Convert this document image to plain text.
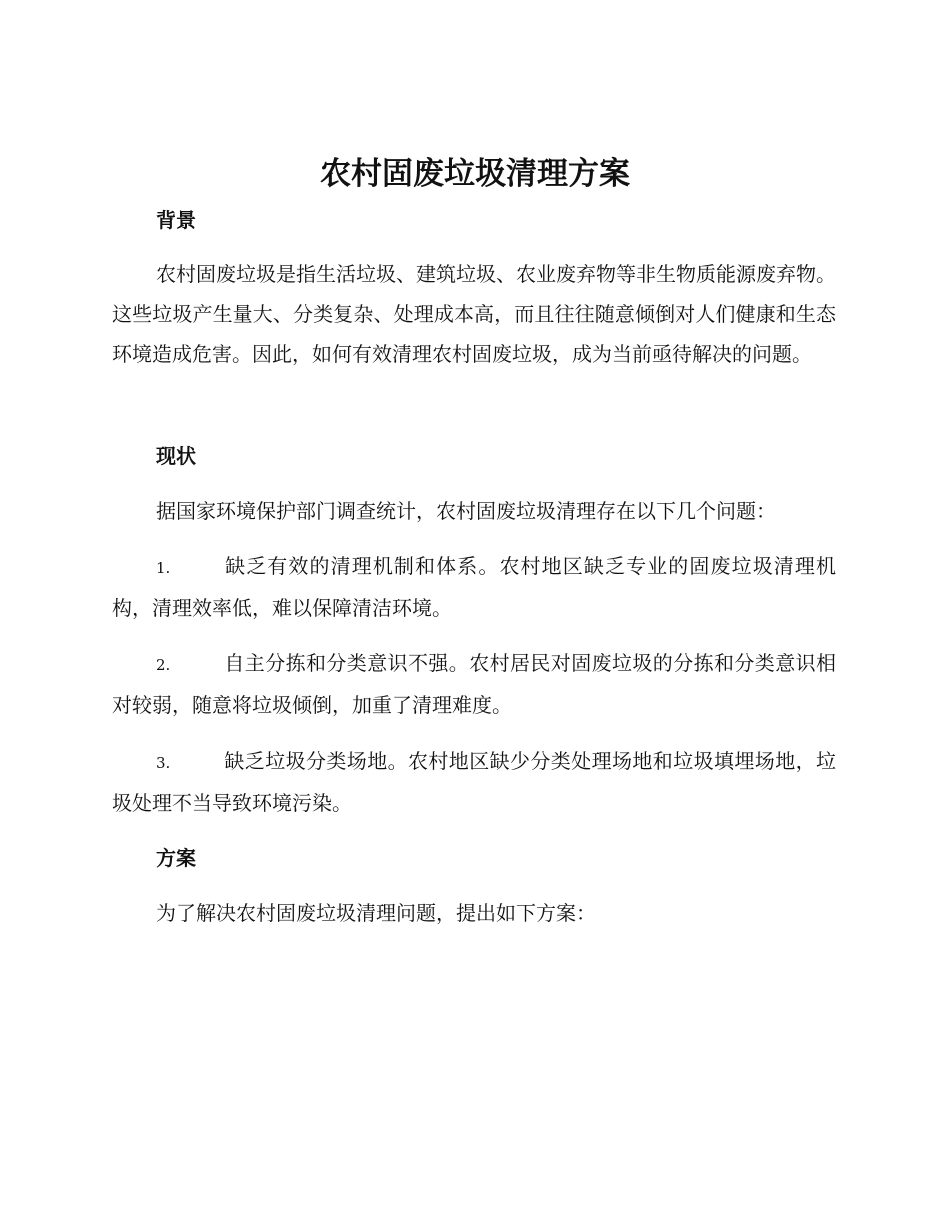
农村固废垃圾清理方案
背景

农村固废垃圾是指生活垃圾、建筑垃圾、农业废弃物等非生物质能源废弃物。这些垃圾产生量大、分类复杂、处理成本高，而且往往随意倾倒对人们健康和生态环境造成危害。因此，如何有效清理农村固废垃圾，成为当前亟待解决的问题。

现状

据国家环境保护部门调查统计，农村固废垃圾清理存在以下几个问题：

1.	缺乏有效的清理机制和体系。农村地区缺乏专业的固废垃圾清理机构，清理效率低，难以保障清洁环境。

2.	自主分拣和分类意识不强。农村居民对固废垃圾的分拣和分类意识相对较弱，随意将垃圾倾倒，加重了清理难度。

3.	缺乏垃圾分类场地。农村地区缺少分类处理场地和垃圾填埋场地，垃圾处理不当导致环境污染。

方案

为了解决农村固废垃圾清理问题，提出如下方案：
